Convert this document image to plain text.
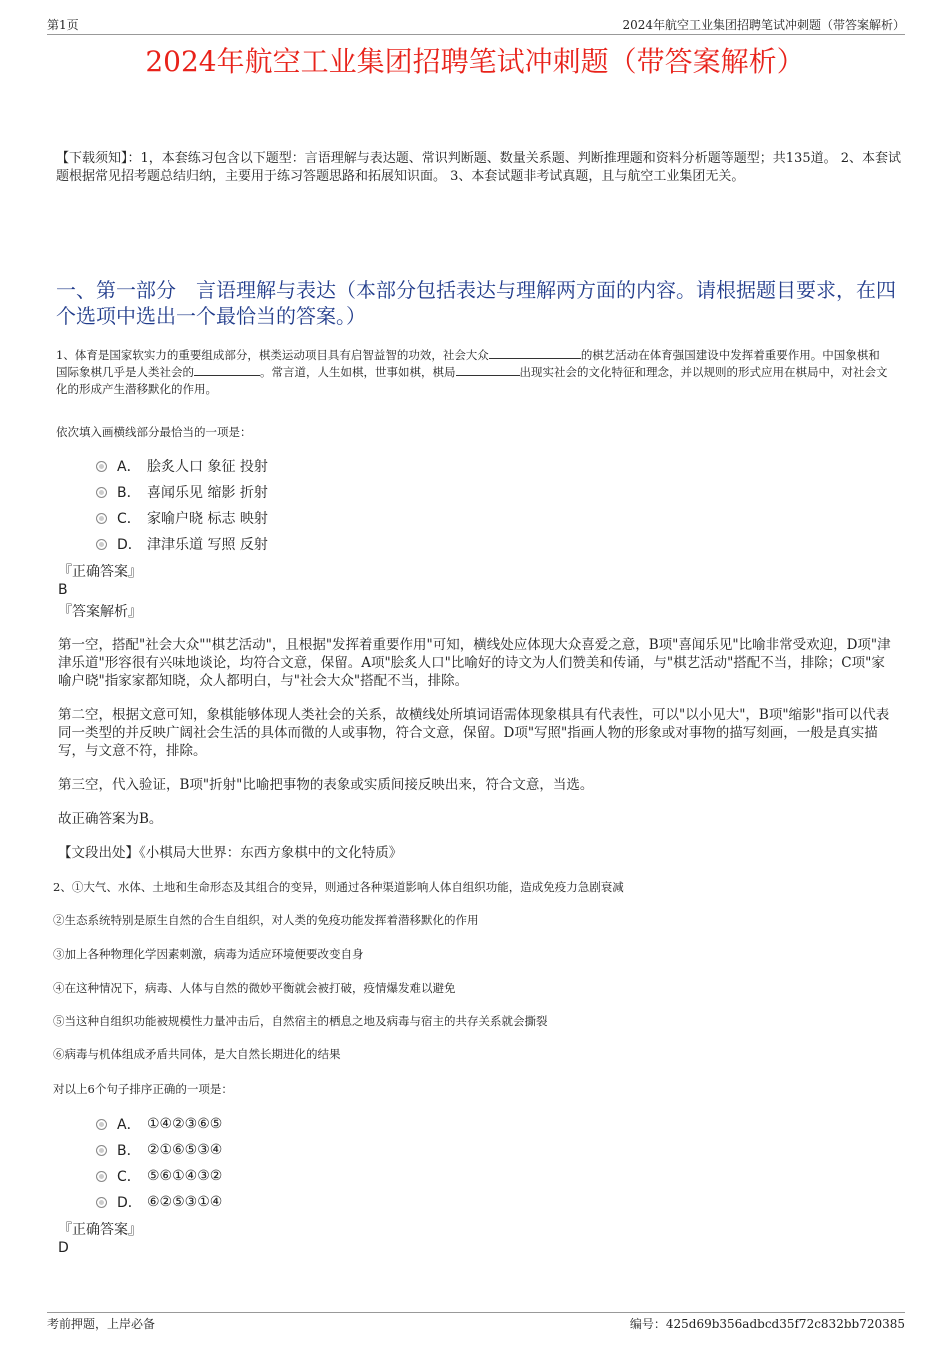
第1页	2024年航空工业集团招聘笔试冲刺题（带答案解析）
2024年航空工业集团招聘笔试冲刺题（带答案解析）
【下载须知】：1，本套练习包含以下题型：言语理解与表达题、常识判断题、数量关系题、判断推理题和资料分析题等题型；共135道。 2、本套试题根据常见招考题总结归纳，主要用于练习答题思路和拓展知识面。 3、本套试题非考试真题，且与航空工业集团无关。
一、第一部分　言语理解与表达（本部分包括表达与理解两方面的内容。请根据题目要求，在四个选项中选出一个最恰当的答案。）
1、体育是国家软实力的重要组成部分，棋类运动项目具有启智益智的功效，社会大众	的棋艺活动在体育强国建设中发挥着重要作用。中国象棋和国际象棋几乎是人类社会的	。常言道，人生如棋，世事如棋，棋局	出现实社会的文化特征和理念，并以规则的形式应用在棋局中，对社会文化的形成产生潜移默化的作用。
依次填入画横线部分最恰当的一项是：
A． 脍炙人口 象征 投射
B． 喜闻乐见 缩影 折射
C． 家喻户晓 标志 映射
D． 津津乐道 写照 反射
『正确答案』
B
『答案解析』
第一空，搭配"社会大众""棋艺活动"，且根据"发挥着重要作用"可知，横线处应体现大众喜爱之意，B项"喜闻乐见"比喻非常受欢迎，D项"津津乐道"形容很有兴味地谈论，均符合文意，保留。A项"脍炙人口"比喻好的诗文为人们赞美和传诵，与"棋艺活动"搭配不当，排除；C项"家喻户晓"指家家都知晓，众人都明白，与"社会大众"搭配不当，排除。
第二空，根据文意可知，象棋能够体现人类社会的关系，故横线处所填词语需体现象棋具有代表性，可以"以小见大"，B项"缩影"指可以代表同一类型的并反映广阔社会生活的具体而微的人或事物，符合文意，保留。D项"写照"指画人物的形象或对事物的描写刻画，一般是真实描写，与文意不符，排除。
第三空，代入验证，B项"折射"比喻把事物的表象或实质间接反映出来，符合文意，当选。
故正确答案为B。
【文段出处】《小棋局大世界：东西方象棋中的文化特质》
2、①大气、水体、土地和生命形态及其组合的变异，则通过各种渠道影响人体自组织功能，造成免疫力急剧衰减
②生态系统特别是原生自然的合生自组织，对人类的免疫功能发挥着潜移默化的作用
③加上各种物理化学因素刺激，病毒为适应环境便要改变自身
④在这种情况下，病毒、人体与自然的微妙平衡就会被打破，疫情爆发难以避免
⑤当这种自组织功能被规模性力量冲击后，自然宿主的栖息之地及病毒与宿主的共存关系就会撕裂
⑥病毒与机体组成矛盾共同体，是大自然长期进化的结果
对以上6个句子排序正确的一项是：
A． ①④②③⑥⑤
B． ②①⑥⑤③④
C． ⑤⑥①④③②
D． ⑥②⑤③①④
『正确答案』
D
考前押题，上岸必备	编号：425d69b356adbcd35f72c832bb720385
